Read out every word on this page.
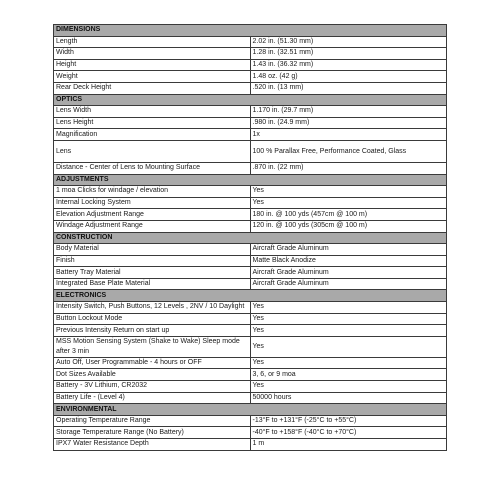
DIMENSIONS	
Length	2.02 in. (51.30 mm)
Width	1.28 in. (32.51 mm)
Height	1.43 in. (36.32 mm)
Weight	1.48 oz. (42 g)
Rear Deck Height	.520 in. (13 mm)
OPTICS	
Lens Width	1.170 in. (29.7 mm)
Lens Height	.980 in. (24.9 mm)
Magnification	1x
Lens	100 % Parallax Free, Performance Coated, Glass
Distance - Center of Lens to Mounting Surface	.870 in. (22 mm)
ADJUSTMENTS	
1 moa Clicks for windage / elevation	Yes
Internal Locking System	Yes
Elevation Adjustment Range	180 in. @ 100 yds (457cm @ 100 m)
Windage Adjustment Range	120 in. @ 100 yds (305cm @ 100 m)
CONSTRUCTION	
Body Material	Aircraft Grade Aluminum
Finish	Matte Black Anodize
Battery Tray Material	Aircraft Grade Aluminum
Integrated Base Plate Material	Aircraft Grade Aluminum
ELECTRONICS	
Intensity Switch, Push Buttons, 12 Levels , 2NV / 10 Daylight	Yes
Button Lockout Mode	Yes
Previous Intensity Return on start up	Yes
MSS Motion Sensing System (Shake to Wake) Sleep mode after 3 min	Yes
Auto Off, User Programmable - 4 hours or OFF	Yes
Dot Sizes Available	3, 6, or 9 moa
Battery - 3V Lithium, CR2032	Yes
Battery Life - (Level 4)	50000 hours
ENVIRONMENTAL	
Operating Temperature Range	-13°F to +131°F (-25°C to +55°C)
Storage Temperature Range (No Battery)	-40°F to +158°F (-40°C to +70°C)
IPX7 Water Resistance Depth	1 m
